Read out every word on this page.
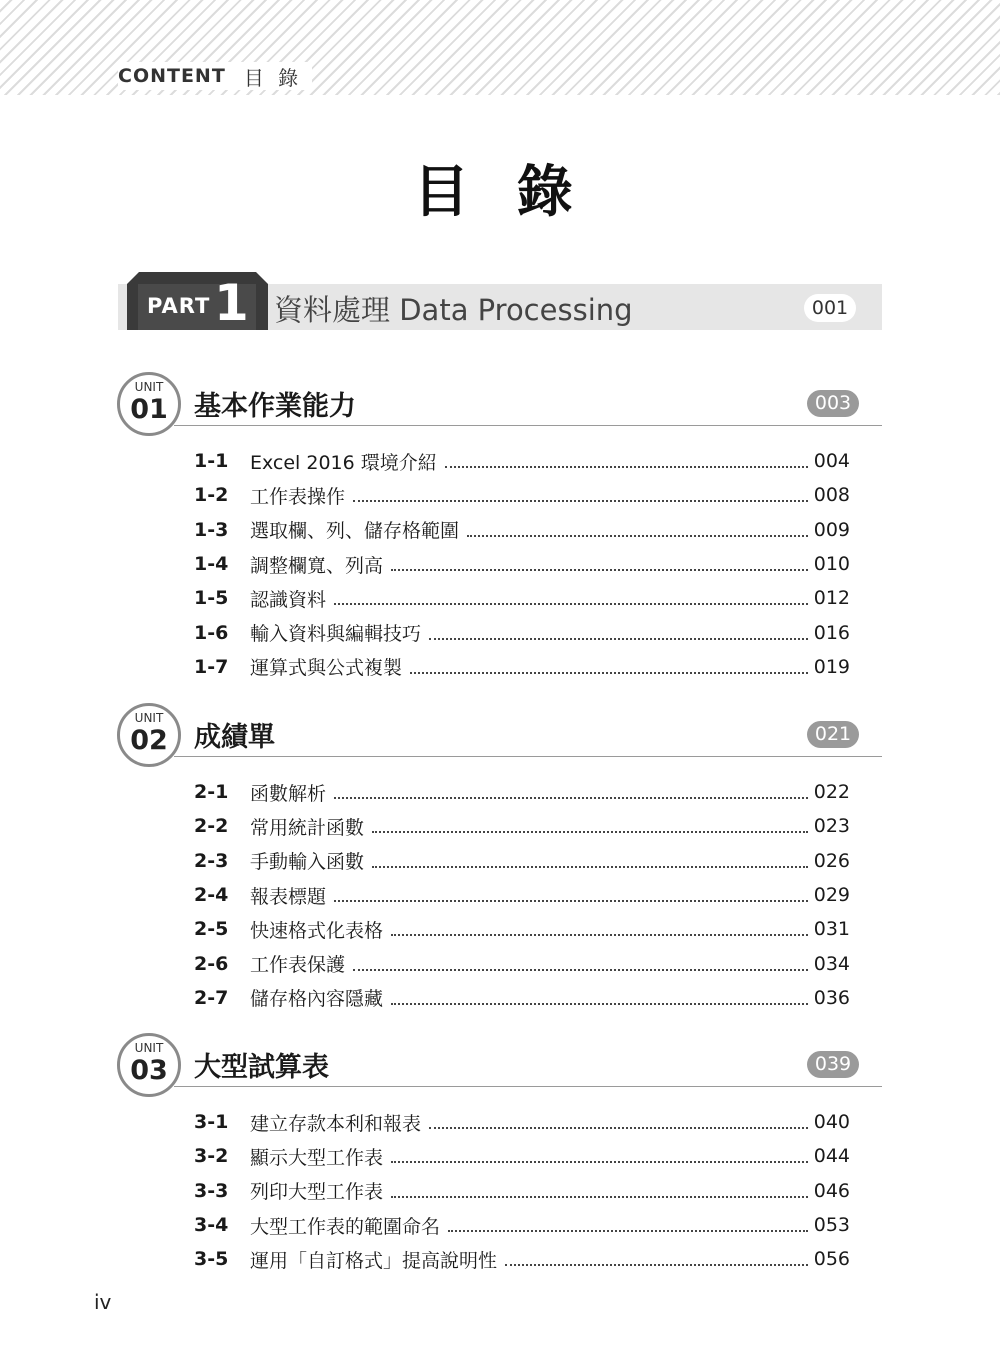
CONTENT 目 錄
目 錄
PART 1 資料處理 Data Processing	001
UNIT
01 基本作業能力	003
1-1	Excel 2016 環境介紹	004
1-2	工作表操作	008
1-3	選取欄、列、儲存格範圍	009
1-4	調整欄寬、列高	010
1-5	認識資料	012
1-6	輸入資料與編輯技巧	016
1-7	運算式與公式複製	019
UNIT
02 成績單	021
2-1	函數解析	022
2-2	常用統計函數	023
2-3	手動輸入函數	026
2-4	報表標題	029
2-5	快速格式化表格	031
2-6	工作表保護	034
2-7	儲存格內容隱藏	036
UNIT
03 大型試算表	039
3-1	建立存款本利和報表	040
3-2	顯示大型工作表	044
3-3	列印大型工作表	046
3-4	大型工作表的範圍命名	053
3-5	運用「自訂格式」提高說明性	056
iv
